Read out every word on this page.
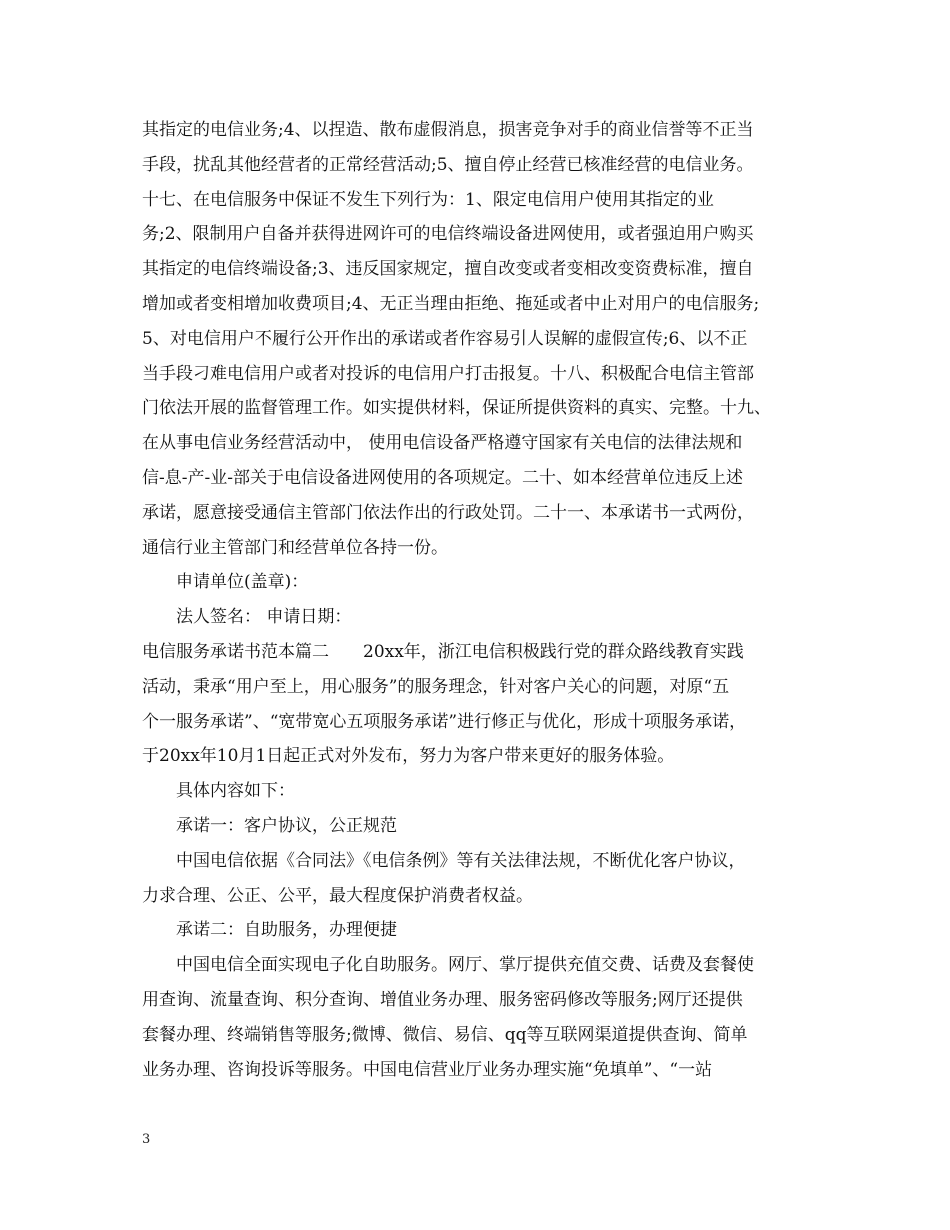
其指定的电信业务;4、以捏造、散布虚假消息，损害竞争对手的商业信誉等不正当
手段，扰乱其他经营者的正常经营活动;5、擅自停止经营已核准经营的电信业务。
十七、在电信服务中保证不发生下列行为：1、限定电信用户使用其指定的业
务;2、限制用户自备并获得进网许可的电信终端设备进网使用，或者强迫用户购买
其指定的电信终端设备;3、违反国家规定，擅自改变或者变相改变资费标准，擅自
增加或者变相增加收费项目;4、无正当理由拒绝、拖延或者中止对用户的电信服务;
5、对电信用户不履行公开作出的承诺或者作容易引人误解的虚假宣传;6、以不正
当手段刁难电信用户或者对投诉的电信用户打击报复。十八、积极配合电信主管部
门依法开展的监督管理工作。如实提供材料，保证所提供资料的真实、完整。十九、
在从事电信业务经营活动中， 使用电信设备严格遵守国家有关电信的法律法规和
信-息-产-业-部关于电信设备进网使用的各项规定。二十、如本经营单位违反上述
承诺，愿意接受通信主管部门依法作出的行政处罚。二十一、本承诺书一式两份，
通信行业主管部门和经营单位各持一份。
申请单位(盖章)：
法人签名： 申请日期：
电信服务承诺书范本篇二　　20xx年，浙江电信积极践行党的群众路线教育实践
活动，秉承“用户至上，用心服务”的服务理念，针对客户关心的问题，对原“五
个一服务承诺”、“宽带宽心五项服务承诺”进行修正与优化，形成十项服务承诺，
于20xx年10月1日起正式对外发布，努力为客户带来更好的服务体验。
具体内容如下：
承诺一：客户协议，公正规范
中国电信依据《合同法》《电信条例》等有关法律法规，不断优化客户协议，
力求合理、公正、公平，最大程度保护消费者权益。
承诺二：自助服务，办理便捷
中国电信全面实现电子化自助服务。网厅、掌厅提供充值交费、话费及套餐使
用查询、流量查询、积分查询、增值业务办理、服务密码修改等服务;网厅还提供
套餐办理、终端销售等服务;微博、微信、易信、qq等互联网渠道提供查询、简单
业务办理、咨询投诉等服务。中国电信营业厅业务办理实施“免填单”、“一站
3
